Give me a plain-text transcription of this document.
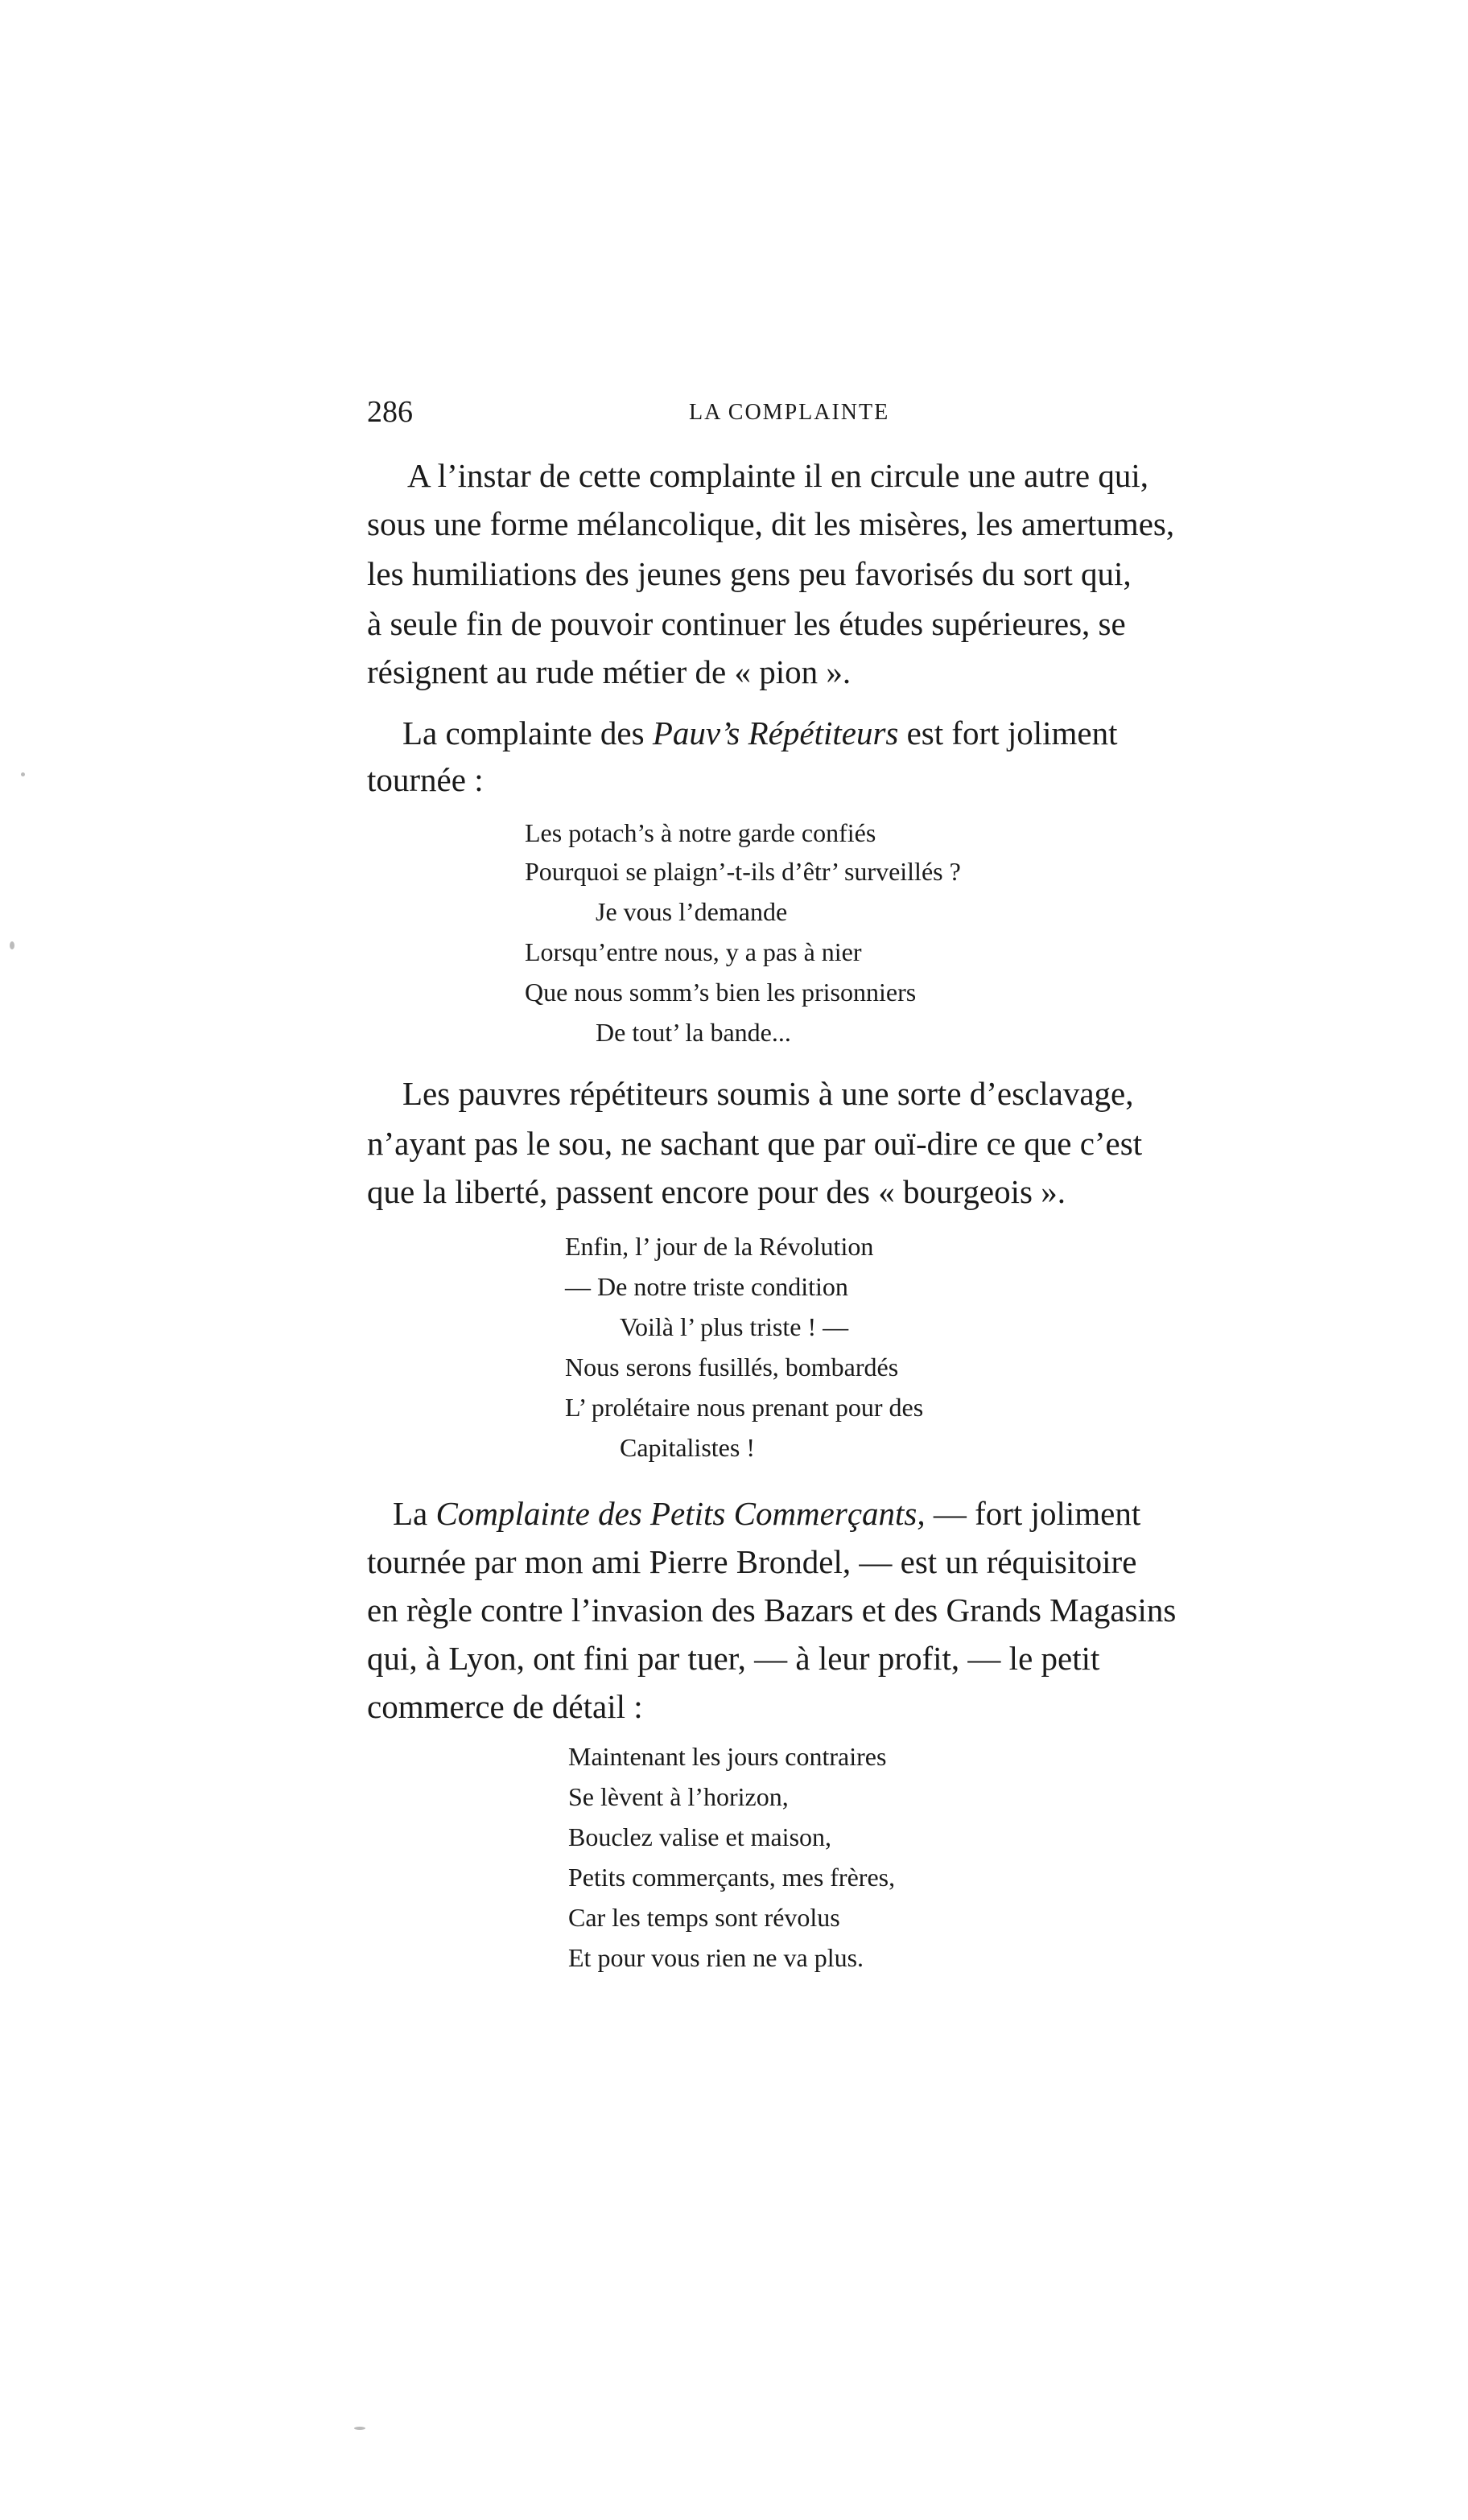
286	LA COMPLAINTE
A l’instar de cette complainte il en circule une autre qui,
sous une forme mélancolique, dit les misères, les amertumes,
les humiliations des jeunes gens peu favorisés du sort qui,
à seule fin de pouvoir continuer les études supérieures, se
résignent au rude métier de « pion ».
La complainte des Pauv’s Répétiteurs est fort joliment
tournée :
Les potach’s à notre garde confiés
Pourquoi se plaign’-t-ils d’êtr’ surveillés ?
Je vous l’demande
Lorsqu’entre nous, y a pas à nier
Que nous somm’s bien les prisonniers
De tout’ la bande...
Les pauvres répétiteurs soumis à une sorte d’esclavage,
n’ayant pas le sou, ne sachant que par ouï-dire ce que c’est
que la liberté, passent encore pour des « bourgeois ».
Enfin, l’ jour de la Révolution
— De notre triste condition
Voilà l’ plus triste ! —
Nous serons fusillés, bombardés
L’ prolétaire nous prenant pour des
Capitalistes !
La Complainte des Petits Commerçants, — fort joliment
tournée par mon ami Pierre Brondel, — est un réquisitoire
en règle contre l’invasion des Bazars et des Grands Magasins
qui, à Lyon, ont fini par tuer, — à leur profit, — le petit
commerce de détail :
Maintenant les jours contraires
Se lèvent à l’horizon,
Bouclez valise et maison,
Petits commerçants, mes frères,
Car les temps sont révolus
Et pour vous rien ne va plus.
